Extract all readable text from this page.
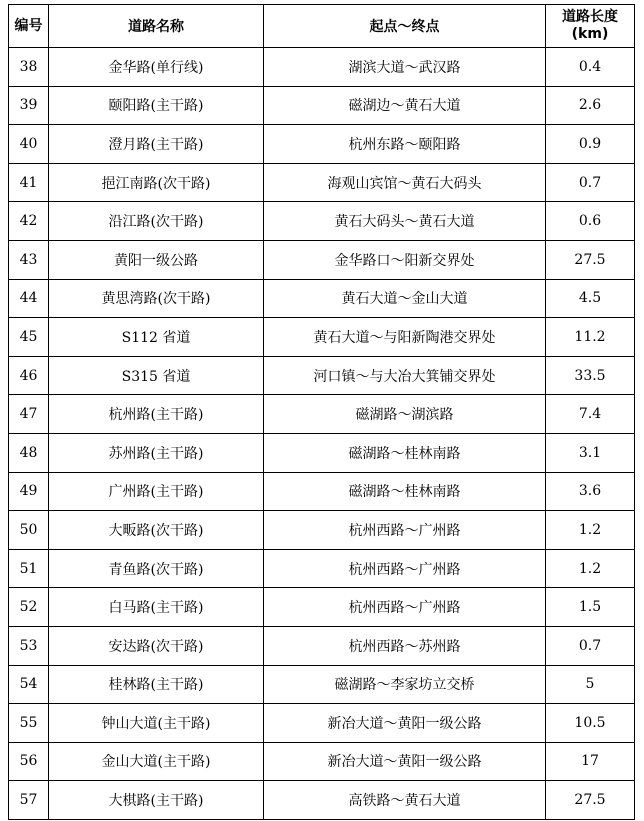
编号	道路名称	起点～终点	道路长度(km)
38	金华路(单行线)	湖滨大道～武汉路	0.4
39	颐阳路(主干路)	磁湖边～黄石大道	2.6
40	澄月路(主干路)	杭州东路～颐阳路	0.9
41	挹江南路(次干路)	海观山宾馆～黄石大码头	0.7
42	沿江路(次干路)	黄石大码头～黄石大道	0.6
43	黄阳一级公路	金华路口～阳新交界处	27.5
44	黄思湾路(次干路)	黄石大道～金山大道	4.5
45	S112 省道	黄石大道～与阳新陶港交界处	11.2
46	S315 省道	河口镇～与大冶大箕铺交界处	33.5
47	杭州路(主干路)	磁湖路～湖滨路	7.4
48	苏州路(主干路)	磁湖路～桂林南路	3.1
49	广州路(主干路)	磁湖路～桂林南路	3.6
50	大畈路(次干路)	杭州西路～广州路	1.2
51	青鱼路(次干路)	杭州西路～广州路	1.2
52	白马路(主干路)	杭州西路～广州路	1.5
53	安达路(次干路)	杭州西路～苏州路	0.7
54	桂林路(主干路)	磁湖路～李家坊立交桥	5
55	钟山大道(主干路)	新冶大道～黄阳一级公路	10.5
56	金山大道(主干路)	新冶大道～黄阳一级公路	17
57	大棋路(主干路)	高铁路～黄石大道	27.5
